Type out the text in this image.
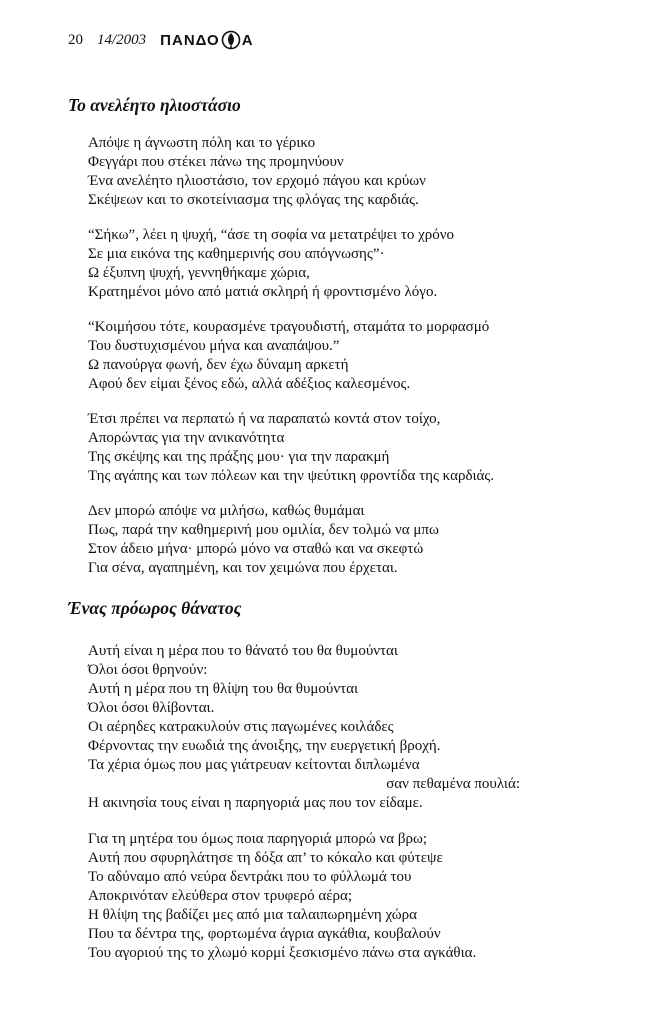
20 14/2003 ΠΑΝΔΟ Α
Το ανελέητο ηλιοστάσιο
Απόψε η άγνωστη πόλη και το γέρικο
Φεγγάρι που στέκει πάνω της προμηνύουν
Ένα ανελέητο ηλιοστάσιο, τον ερχομό πάγου και κρύων
Σκέψεων και το σκοτείνιασμα της φλόγας της καρδιάς.
“Σήκω”, λέει η ψυχή, “άσε τη σοφία να μετατρέψει το χρόνο
Σε μια εικόνα της καθημερινής σου απόγνωσης”·
Ω έξυπνη ψυχή, γεννηθήκαμε χώρια,
Κρατημένοι μόνο από ματιά σκληρή ή φροντισμένο λόγο.
“Κοιμήσου τότε, κουρασμένε τραγουδιστή, σταμάτα το μορφασμό
Του δυστυχισμένου μήνα και αναπάψου.”
Ω πανούργα φωνή, δεν έχω δύναμη αρκετή
Αφού δεν είμαι ξένος εδώ, αλλά αδέξιος καλεσμένος.
Έτσι πρέπει να περπατώ ή να παραπατώ κοντά στον τοίχο,
Απορώντας για την ανικανότητα
Της σκέψης και της πράξης μου· για την παρακμή
Της αγάπης και των πόλεων και την ψεύτικη φροντίδα της καρδιάς.
Δεν μπορώ απόψε να μιλήσω, καθώς θυμάμαι
Πως, παρά την καθημερινή μου ομιλία, δεν τολμώ να μπω
Στον άδειο μήνα· μπορώ μόνο να σταθώ και να σκεφτώ
Για σένα, αγαπημένη, και τον χειμώνα που έρχεται.
Ένας πρόωρος θάνατος
Αυτή είναι η μέρα που το θάνατό του θα θυμούνται
Όλοι όσοι θρηνούν:
Αυτή η μέρα που τη θλίψη του θα θυμούνται
Όλοι όσοι θλίβονται.
Οι αέρηδες κατρακυλούν στις παγωμένες κοιλάδες
Φέρνοντας την ευωδιά της άνοιξης, την ευεργετική βροχή.
Τα χέρια όμως που μας γιάτρευαν κείτονται διπλωμένα
σαν πεθαμένα πουλιά:
Η ακινησία τους είναι η παρηγοριά μας που τον είδαμε.
Για τη μητέρα του όμως ποια παρηγοριά μπορώ να βρω;
Αυτή που σφυρηλάτησε τη δόξα απ’ το κόκαλο και φύτεψε
Το αδύναμο από νεύρα δεντράκι που το φύλλωμά του
Αποκρινόταν ελεύθερα στον τρυφερό αέρα;
Η θλίψη της βαδίζει μες από μια ταλαιπωρημένη χώρα
Που τα δέντρα της, φορτωμένα άγρια αγκάθια, κουβαλούν
Του αγοριού της το χλωμό κορμί ξεσκισμένο πάνω στα αγκάθια.
